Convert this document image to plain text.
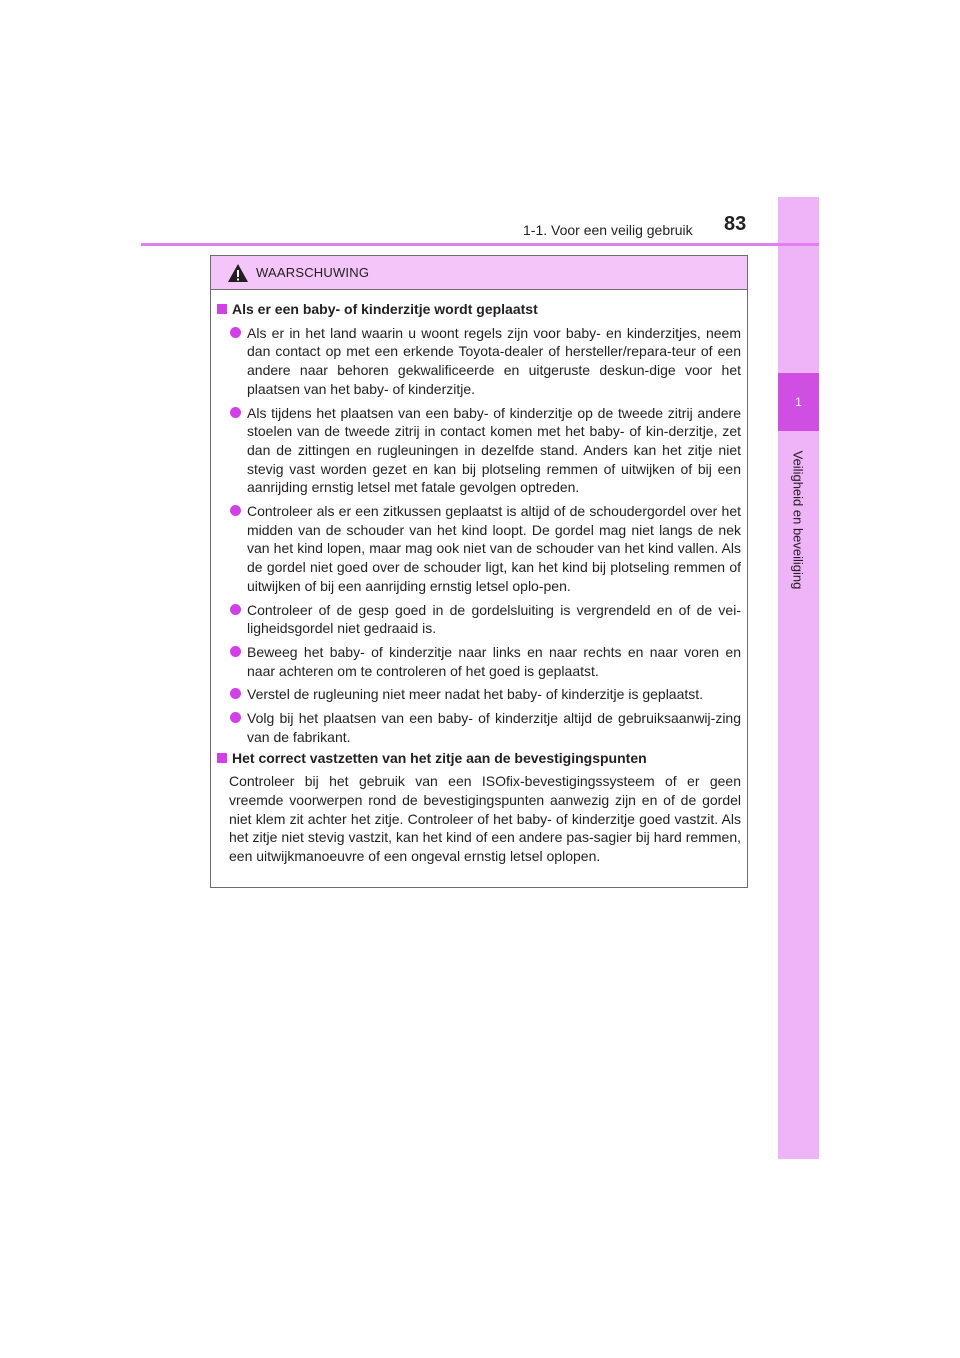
1
Veiligheid en beveiliging
1-1. Voor een veilig gebruik 83
WAARSCHUWING
Als er een baby- of kinderzitje wordt geplaatst
Als er in het land waarin u woont regels zijn voor baby- en kinderzitjes, neem dan contact op met een erkende Toyota-dealer of hersteller/repara-teur of een andere naar behoren gekwalificeerde en uitgeruste deskun-dige voor het plaatsen van het baby- of kinderzitje.
Als tijdens het plaatsen van een baby- of kinderzitje op de tweede zitrij andere stoelen van de tweede zitrij in contact komen met het baby- of kin-derzitje, zet dan de zittingen en rugleuningen in dezelfde stand. Anders kan het zitje niet stevig vast worden gezet en kan bij plotseling remmen of uitwijken of bij een aanrijding ernstig letsel met fatale gevolgen optreden.
Controleer als er een zitkussen geplaatst is altijd of de schoudergordel over het midden van de schouder van het kind loopt. De gordel mag niet langs de nek van het kind lopen, maar mag ook niet van de schouder van het kind vallen. Als de gordel niet goed over de schouder ligt, kan het kind bij plotseling remmen of uitwijken of bij een aanrijding ernstig letsel oplo-pen.
Controleer of de gesp goed in de gordelsluiting is vergrendeld en of de vei-ligheidsgordel niet gedraaid is.
Beweeg het baby- of kinderzitje naar links en naar rechts en naar voren en naar achteren om te controleren of het goed is geplaatst.
Verstel de rugleuning niet meer nadat het baby- of kinderzitje is geplaatst.
Volg bij het plaatsen van een baby- of kinderzitje altijd de gebruiksaanwij-zing van de fabrikant.
Het correct vastzetten van het zitje aan de bevestigingspunten
Controleer bij het gebruik van een ISOfix-bevestigingssysteem of er geen vreemde voorwerpen rond de bevestigingspunten aanwezig zijn en of de gordel niet klem zit achter het zitje. Controleer of het baby- of kinderzitje goed vastzit. Als het zitje niet stevig vastzit, kan het kind of een andere pas-sagier bij hard remmen, een uitwijkmanoeuvre of een ongeval ernstig letsel oplopen.
